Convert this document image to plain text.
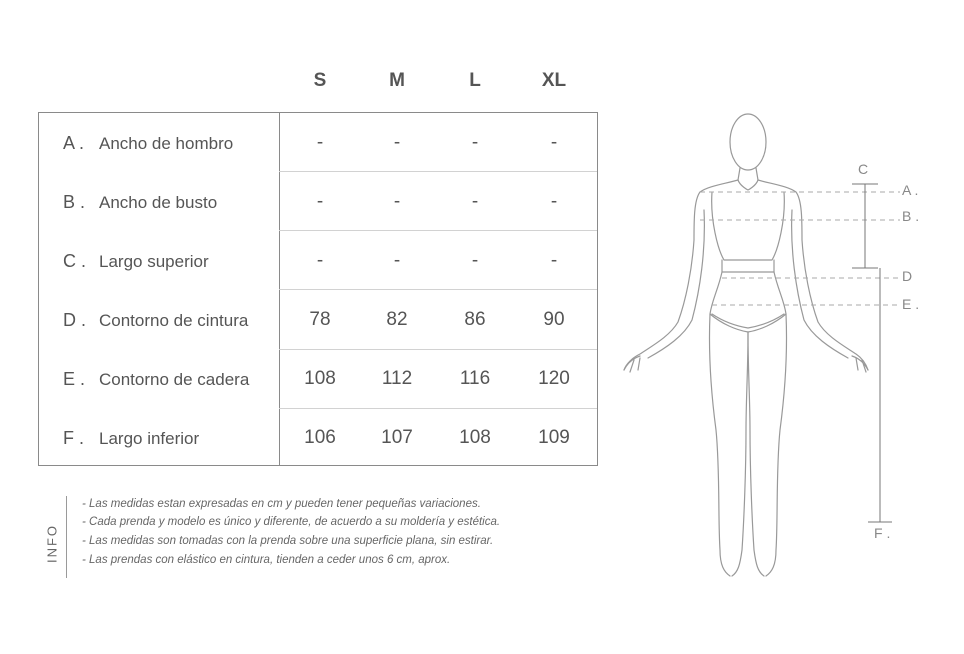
S	M	L	XL
A . Ancho de hombro	-	-	-	-
B . Ancho de busto	-	-	-	-
C . Largo superior	-	-	-	-
D . Contorno de cintura	78	82	86	90
E . Contorno de cadera	108	112	116	120
F . Largo inferior	106	107	108	109
INFO
- Las medidas estan expresadas en cm y pueden tener pequeñas variaciones.
- Cada prenda y modelo es único y diferente, de acuerdo a su moldería y estética.
- Las medidas son tomadas con la prenda sobre una superficie plana, sin estirar.
- Las prendas con elástico en cintura, tienden a ceder unos 6 cm, aprox.
C
A .
B .
D
E .
F .
